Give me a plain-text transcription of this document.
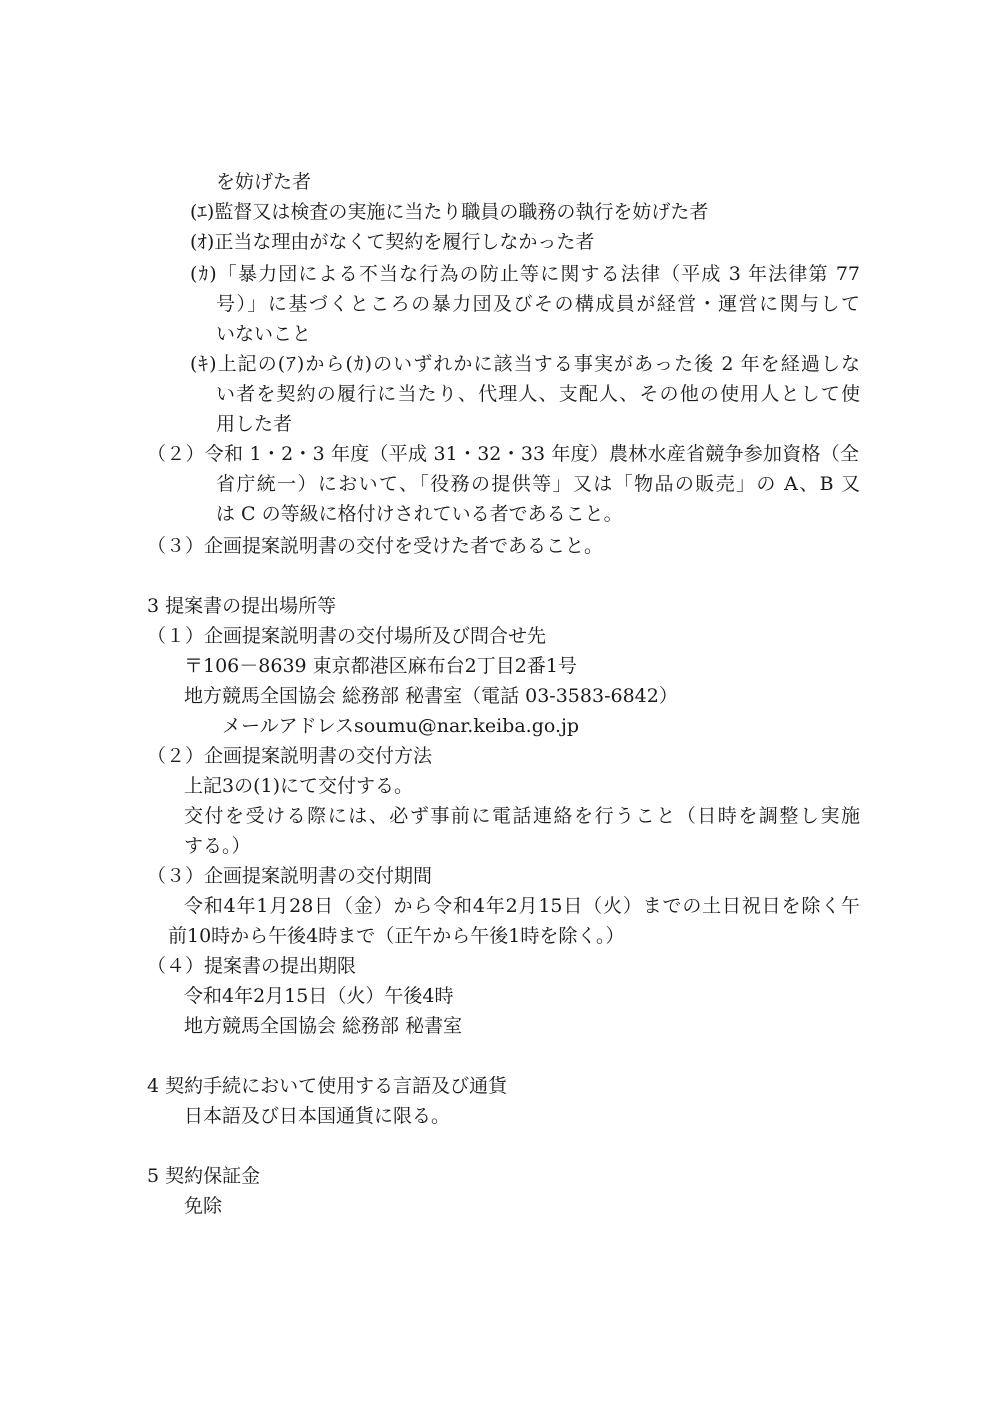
を妨げた者
(ｴ)監督又は検査の実施に当たり職員の職務の執行を妨げた者
(ｵ)正当な理由がなくて契約を履行しなかった者
(ｶ)「暴力団による不当な行為の防止等に関する法律（平成 3 年法律第 77
号）」に基づくところの暴力団及びその構成員が経営・運営に関与して
いないこと
(ｷ)上記の(ｱ)から(ｶ)のいずれかに該当する事実があった後 2 年を経過しな
い者を契約の履行に当たり、代理人、支配人、その他の使用人として使
用した者
（２）令和 1・2・3 年度（平成 31・32・33 年度）農林水産省競争参加資格（全
省庁統一）において、「役務の提供等」又は「物品の販売」の A、B 又
は C の等級に格付けされている者であること。
（３）企画提案説明書の交付を受けた者であること。
3 提案書の提出場所等
（１）企画提案説明書の交付場所及び問合せ先
〒106－8639 東京都港区麻布台2丁目2番1号
地方競馬全国協会 総務部 秘書室（電話 03-3583-6842）
メールアドレスsoumu@nar.keiba.go.jp
（２）企画提案説明書の交付方法
上記3の(1)にて交付する。
交付を受ける際には、必ず事前に電話連絡を行うこと（日時を調整し実施
する。）
（３）企画提案説明書の交付期間
令和4年1月28日（金）から令和4年2月15日（火）までの土日祝日を除く午
前10時から午後4時まで（正午から午後1時を除く。）
（４）提案書の提出期限
令和4年2月15日（火）午後4時
地方競馬全国協会 総務部 秘書室
4 契約手続において使用する言語及び通貨
日本語及び日本国通貨に限る。
5 契約保証金
免除
